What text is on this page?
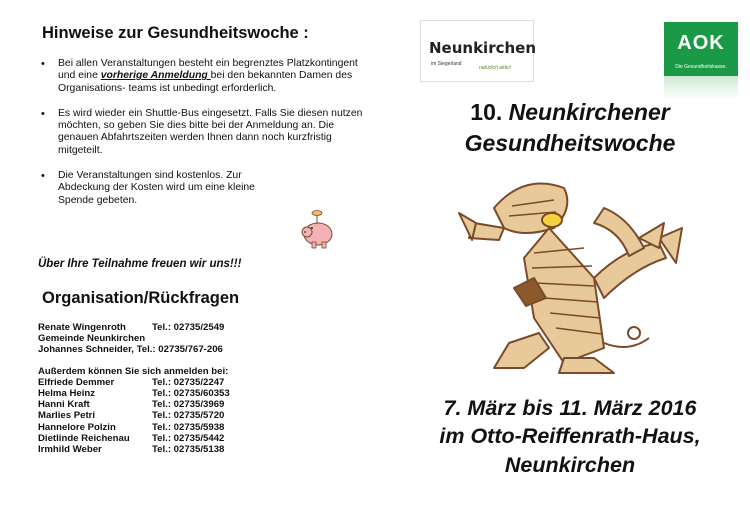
Hinweise zur Gesundheitswoche :
• Bei allen Veranstaltungen besteht ein begrenztes Platzkontingent und eine vorherige Anmeldung bei den bekannten Damen des Organisations- teams ist unbedingt erforderlich.
• Es wird wieder ein Shuttle-Bus eingesetzt. Falls Sie diesen nutzen möchten, so geben Sie dies bitte bei der Anmeldung an. Die genauen Abfahrtszeiten werden Ihnen dann noch kurzfristig mitgeteilt.
• Die Veranstaltungen sind kostenlos. Zur Abdeckung der Kosten wird um eine kleine Spende gebeten.
Über Ihre Teilnahme freuen wir uns!!!
Organisation/Rückfragen
Renate Wingenroth	Tel.: 02735/2549
Gemeinde Neunkirchen
Johannes Schneider, Tel.: 02735/767-206
Außerdem können Sie sich anmelden bei:
Elfriede Demmer	Tel.: 02735/2247
Helma Heinz	Tel.: 02735/60353
Hanni Kraft	Tel.: 02735/3969
Marlies Petri	Tel.: 02735/5720
Hannelore Polzin	Tel.: 02735/5938
Dietlinde Reichenau Tel.: 02735/5442
Irmhild Weber	Tel.: 02735/5138
Neunkirchen
im Siegerland
natürlich aktiv!
AOK
Die Gesundheitskasse.
10. Neunkirchener
Gesundheitswoche
7. März bis 11. März 2016
im Otto-Reiffenrath-Haus,
Neunkirchen
